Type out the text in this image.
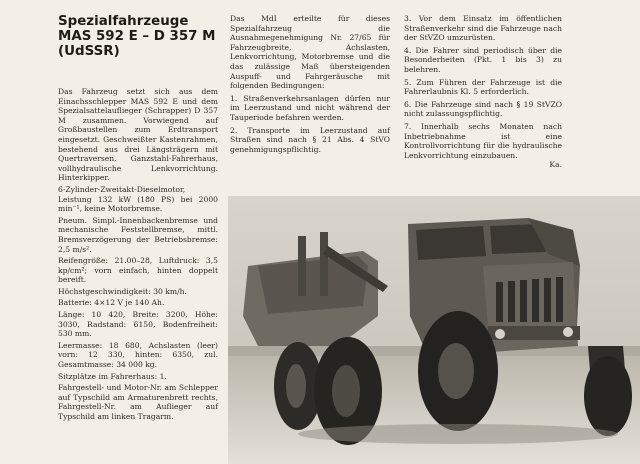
Spezialfahrzeuge
MAS 592 E – D 357 M
(UdSSR)

Das Fahrzeug setzt sich aus dem Einachsschlepper MAS 592 E und dem Spezialsattelauflieger (Schrapper) D 357 M zusammen. Vorwiegend auf Großbaustellen zum Erdtransport eingesetzt. Geschweißter Kastenrahmen, bestehend aus drei Längsträgern mit Quertraversen. Ganzstahl-Fahrerhaus, vollhydraulische Lenkvorrichtung. Hinterkipper.

6-Zylinder-Zweitakt-Dieselmotor, Leistung 132 kW (180 PS) bei 2000 min⁻¹, keine Motorbremse.

Pneum. Simpl.-Innenbackenbremse und mechanische Feststellbremse, mittl. Bremsverzögerung der Betriebsbremse: 2,5 m/s².

Reifengröße: 21.00–28, Luftdruck: 3,5 kp/cm²; vorn einfach, hinten doppelt bereift.

Höchstgeschwindigkeit: 30 km/h.

Batterie: 4×12 V je 140 Ah.

Länge: 10 420, Breite: 3200, Höhe: 3030, Radstand: 6150, Bodenfreiheit: 530 mm.

Leermasse: 18 680, Achslasten (leer) vorn: 12 330, hinten: 6350, zul. Gesamtmasse: 34 000 kg.

Sitzplätze im Fahrerhaus: 1.

Fahrgestell- und Motor-Nr. am Schlepper auf Typschild am Armaturenbrett rechts, Fahrgestell-Nr. am Auflieger auf Typschild am linken Tragarm.

Das MdI erteilte für dieses Spezialfahrzeug die Ausnahmegenehmigung Nr. 27/65 für Fahrzeugbreite, Achslasten, Lenkvorrichtung, Motorbremse und die das zulässige Maß übersteigenden Auspuff- und Fahrgeräusche mit folgenden Bedingungen:

1. Straßenverkehrsanlagen dürfen nur im Leerzustand und nicht während der Tauperiode befahren werden.

2. Transporte im Leerzustand auf Straßen sind nach § 21 Abs. 4 StVO genehmigungspflichtig.

3. Vor dem Einsatz im öffentlichen Straßenverkehr sind die Fahrzeuge nach der StVZO umzurüsten.

4. Die Fahrer sind periodisch über die Besonderheiten (Pkt. 1 bis 3) zu belehren.

5. Zum Führen der Fahrzeuge ist die Fahrerlaubnis Kl. 5 erforderlich.

6. Die Fahrzeuge sind nach § 19 StVZO nicht zulassungspflichtig.

7. Innerhalb sechs Monaten nach Inbetriebnahme ist eine Kontrollvorrichtung für die hydraulische Lenkvorrichtung einzubauen.

Ka.
